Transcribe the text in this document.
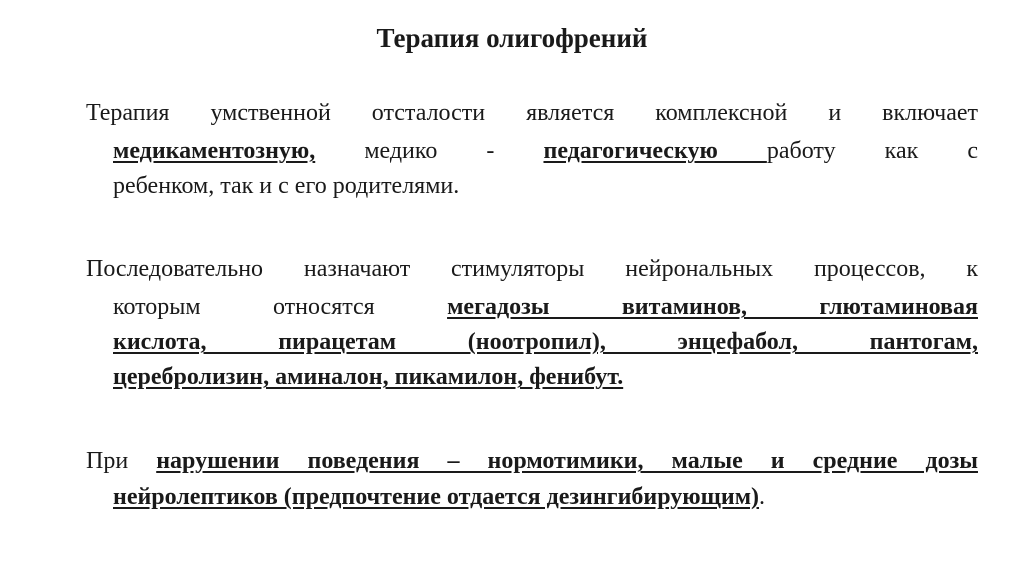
Терапия олигофрений

Терапия умственной отсталости является комплексной и включает

медикаментозную, медико - педагогическую работу как с

ребенком, так и с его родителями.

Последовательно назначают стимуляторы нейрональных процессов, к

которым относятся мегадозы витаминов, глютаминовая

кислота, пирацетам (ноотропил), энцефабол, пантогам,

церебролизин, аминалон, пикамилон, фенибут.

При нарушении поведения – нормотимики, малые и средние дозы

нейролептиков (предпочтение отдается дезингибирующим).
